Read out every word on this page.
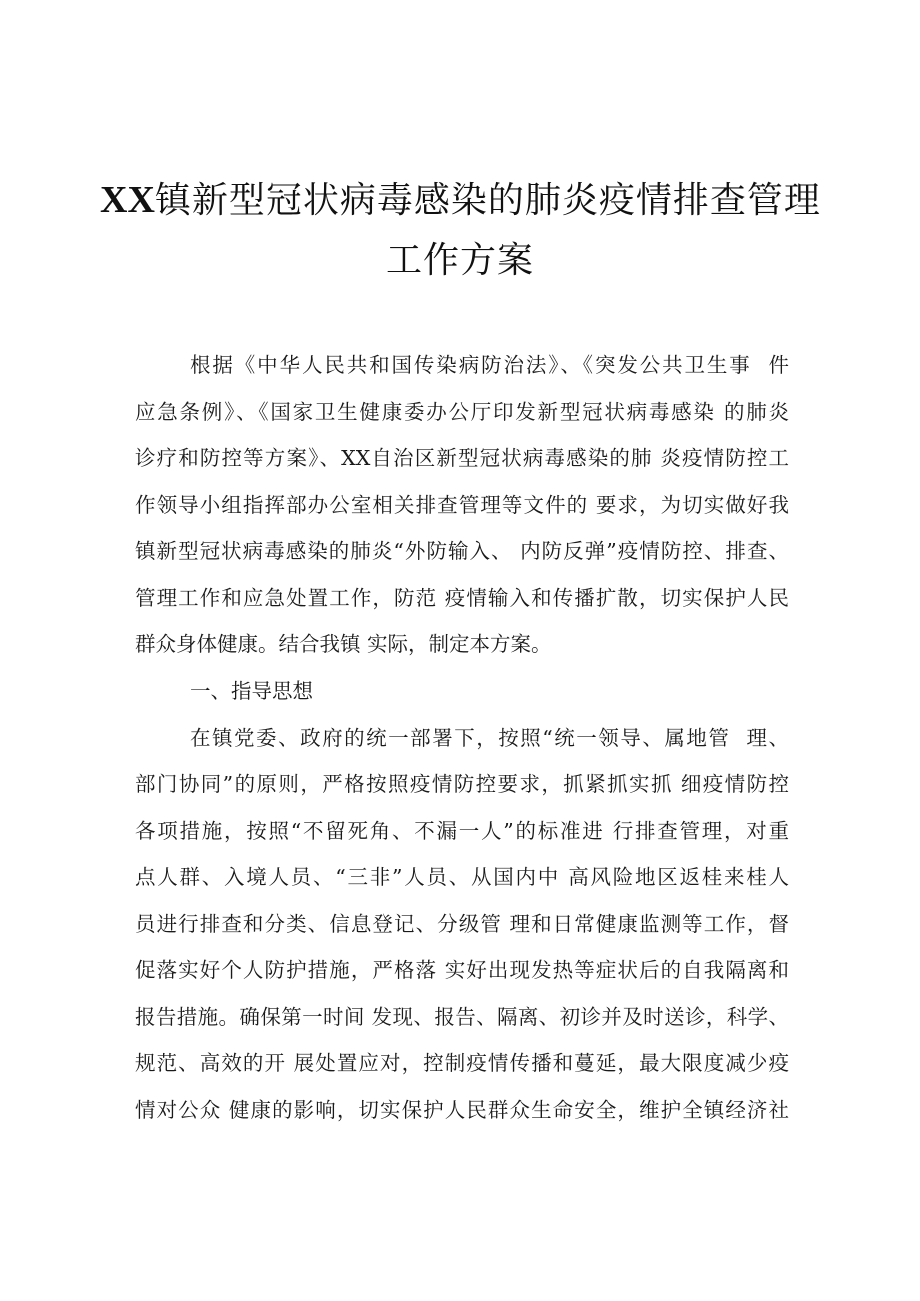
XX镇新型冠状病毒感染的肺炎疫情排查管理
工作方案
根据《中华人民共和国传染病防治法》、《突发公共卫生事  件
应急条例》、《国家卫生健康委办公厅印发新型冠状病毒感染 的肺炎
诊疗和防控等方案》、XX自治区新型冠状病毒感染的肺 炎疫情防控工
作领导小组指挥部办公室相关排查管理等文件的 要求，为切实做好我
镇新型冠状病毒感染的肺炎“外防输入、 内防反弹”疫情防控、排查、
管理工作和应急处置工作，防范 疫情输入和传播扩散，切实保护人民
群众身体健康。结合我镇 实际，制定本方案。
一、指导思想
在镇党委、政府的统一部署下，按照“统一领导、属地管  理、
部门协同”的原则，严格按照疫情防控要求，抓紧抓实抓 细疫情防控
各项措施，按照“不留死角、不漏一人”的标准进 行排查管理，对重
点人群、入境人员、“三非”人员、从国内中 高风险地区返桂来桂人
员进行排查和分类、信息登记、分级管 理和日常健康监测等工作，督
促落实好个人防护措施，严格落 实好出现发热等症状后的自我隔离和
报告措施。确保第一时间 发现、报告、隔离、初诊并及时送诊，科学、
规范、高效的开 展处置应对，控制疫情传播和蔓延，最大限度减少疫
情对公众 健康的影响，切实保护人民群众生命安全，维护全镇经济社
